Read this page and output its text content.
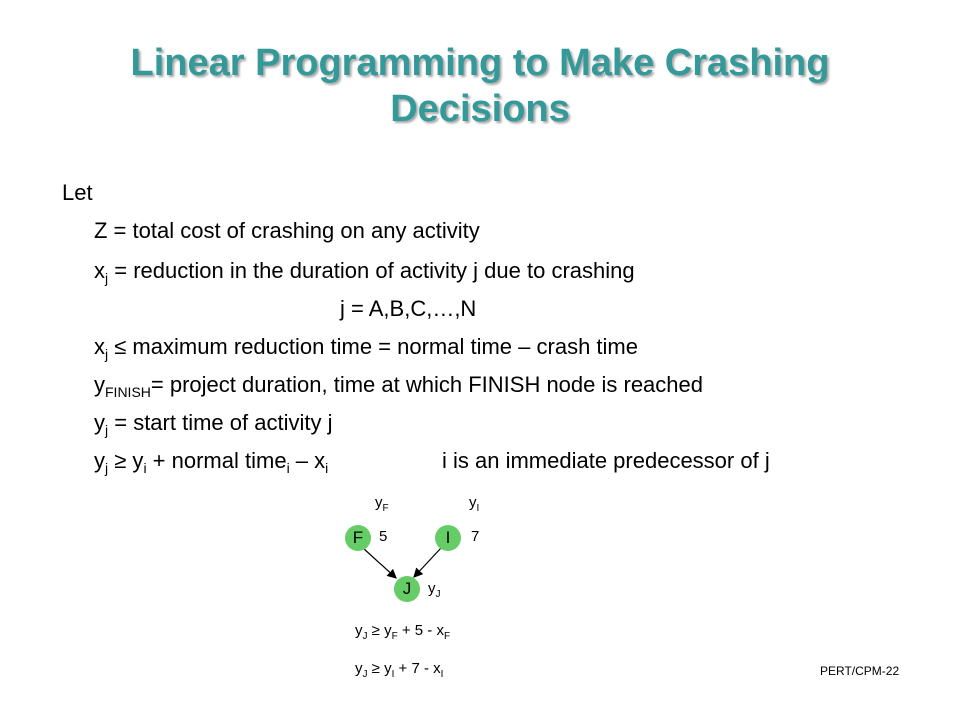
Linear Programming to Make Crashing
Decisions
Let
Z = total cost of crashing on any activity
$x_j$ = reduction in the duration of activity j due to crashing
j = A,B,C,…,N
$x_j$ ≤ maximum reduction time = normal time – crash time
$y_{FINISH}=$ project duration, time at which FINISH node is reached
$y_j$ = start time of activity j
$y_j \ge y_i$ + normal time$_i$ – $x_i$	i is an immediate predecessor of j
$y_F$	$y_I$
F	5	I	7
J	$y_J$
$y_J \ge y_F + 5 - x_F$
$y_J \ge y_I + 7 - x_I$	PERT/CPM-22
